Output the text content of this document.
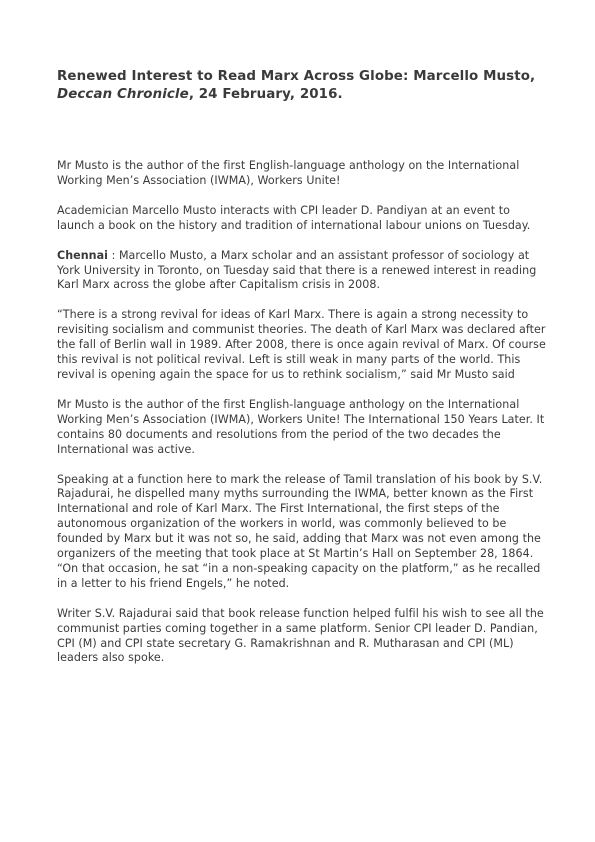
Renewed Interest to Read Marx Across Globe: Marcello Musto, Deccan Chronicle, 24 February, 2016.

Mr Musto is the author of the first English-language anthology on the International Working Men’s Association (IWMA), Workers Unite!

Academician Marcello Musto interacts with CPI leader D. Pandiyan at an event to launch a book on the history and tradition of international labour unions on Tuesday.

Chennai : Marcello Musto, a Marx scholar and an assistant professor of sociology at York University in Toronto, on Tuesday said that there is a renewed interest in reading Karl Marx across the globe after Capitalism crisis in 2008.

“There is a strong revival for ideas of Karl Marx. There is again a strong necessity to revisiting socialism and communist theories. The death of Karl Marx was declared after the fall of Berlin wall in 1989. After 2008, there is once again revival of Marx. Of course this revival is not political revival. Left is still weak in many parts of the world. This revival is opening again the space for us to rethink socialism,” said Mr Musto said

Mr Musto is the author of the first English-language anthology on the International Working Men’s Association (IWMA), Workers Unite! The International 150 Years Later. It contains 80 documents and resolutions from the period of the two decades the International was active.

Speaking at a function here to mark the release of Tamil translation of his book by S.V. Rajadurai, he dispelled many myths surrounding the IWMA, better known as the First International and role of Karl Marx. The First International, the first steps of the autonomous organization of the workers in world, was commonly believed to be founded by Marx but it was not so, he said, adding that Marx was not even among the organizers of the meeting that took place at St Martin’s Hall on September 28, 1864. “On that occasion, he sat “in a non-speaking capacity on the platform,” as he recalled in a letter to his friend Engels,” he noted.

Writer S.V. Rajadurai said that book release function helped fulfil his wish to see all the communist parties coming together in a same platform. Senior CPI leader D. Pandian, CPI (M) and CPI state secretary G. Ramakrishnan and R. Mutharasan and CPI (ML) leaders also spoke.
